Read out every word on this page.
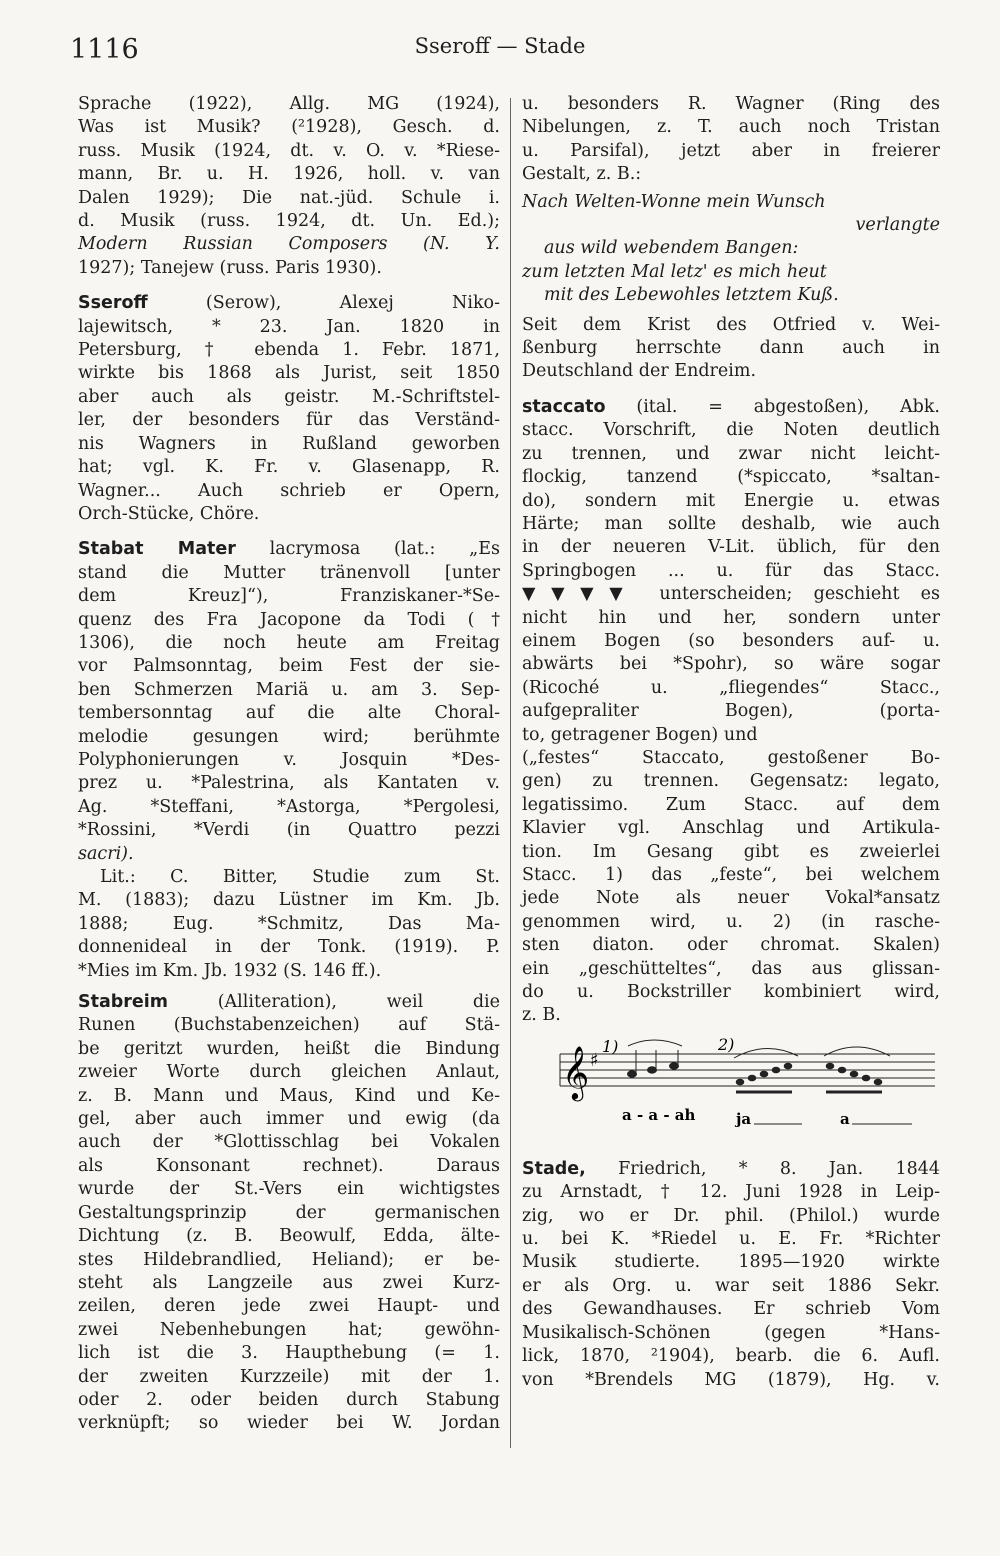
1116	Sseroff — Stade
Sprache (1922), Allg. MG (1924),
Was ist Musik? (²1928), Gesch. d.
russ. Musik (1924, dt. v. O. v. *Riese-
mann, Br. u. H. 1926, holl. v. van
Dalen 1929); Die nat.-jüd. Schule i.
d. Musik (russ. 1924, dt. Un. Ed.);
Modern Russian Composers (N. Y.
1927); Tanejew (russ. Paris 1930).
Sseroff (Serow), Alexej Niko-
lajewitsch, * 23. Jan. 1820 in
Petersburg, † ebenda 1. Febr. 1871,
wirkte bis 1868 als Jurist, seit 1850
aber auch als geistr. M.-Schriftstel-
ler, der besonders für das Verständ-
nis Wagners in Rußland geworben
hat; vgl. K. Fr. v. Glasenapp, R.
Wagner... Auch schrieb er Opern,
Orch-Stücke, Chöre.
Stabat Mater lacrymosa (lat.: „Es
stand die Mutter tränenvoll [unter
dem Kreuz]“), Franziskaner-*Se-
quenz des Fra Jacopone da Todi (†
1306), die noch heute am Freitag
vor Palmsonntag, beim Fest der sie-
ben Schmerzen Mariä u. am 3. Sep-
tembersonntag auf die alte Choral-
melodie gesungen wird; berühmte
Polyphonierungen v. Josquin *Des-
prez u. *Palestrina, als Kantaten v.
Ag. *Steffani, *Astorga, *Pergolesi,
*Rossini, *Verdi (in Quattro pezzi
sacri).
Lit.: C. Bitter, Studie zum St.
M. (1883); dazu Lüstner im Km. Jb.
1888; Eug. *Schmitz, Das Ma-
donnenideal in der Tonk. (1919). P.
*Mies im Km. Jb. 1932 (S. 146 ff.).
Stabreim (Alliteration), weil die
Runen (Buchstabenzeichen) auf Stä-
be geritzt wurden, heißt die Bindung
zweier Worte durch gleichen Anlaut,
z. B. Mann und Maus, Kind und Ke-
gel, aber auch immer und ewig (da
auch der *Glottisschlag bei Vokalen
als Konsonant rechnet). Daraus
wurde der St.-Vers ein wichtigstes
Gestaltungsprinzip der germanischen
Dichtung (z. B. Beowulf, Edda, älte-
stes Hildebrandlied, Heliand); er be-
steht als Langzeile aus zwei Kurz-
zeilen, deren jede zwei Haupt- und
zwei Nebenhebungen hat; gewöhn-
lich ist die 3. Haupthebung (= 1.
der zweiten Kurzzeile) mit der 1.
oder 2. oder beiden durch Stabung
verknüpft; so wieder bei W. Jordan
u. besonders R. Wagner (Ring des
Nibelungen, z. T. auch noch Tristan
u. Parsifal), jetzt aber in freierer
Gestalt, z. B.:
Nach Welten-Wonne mein Wunsch
verlangte
aus wild webendem Bangen:
zum letzten Mal letz' es mich heut
mit des Lebewohles letztem Kuß.
Seit dem Krist des Otfried v. Wei-
ßenburg herrschte dann auch in
Deutschland der Endreim.
staccato (ital. = abgestoßen), Abk.
stacc. Vorschrift, die Noten deutlich
zu trennen, und zwar nicht leicht-
flockig, tanzend (*spiccato, *saltan-
do), sondern mit Energie u. etwas
Härte; man sollte deshalb, wie auch
in der neueren V-Lit. üblich, für den
Springbogen ... u. für das Stacc.
▼▼▼▼ unterscheiden; geschieht es
nicht hin und her, sondern unter
einem Bogen (so besonders auf- u.
abwärts bei *Spohr), so wäre sogar
(Ricoché u. „fliegendes“ Stacc.,
aufgepraliter Bogen), (porta-
to, getragener Bogen) und
(„festes“ Staccato, gestoßener Bo-
gen) zu trennen. Gegensatz: legato,
legatissimo. Zum Stacc. auf dem
Klavier vgl. Anschlag und Artikula-
tion. Im Gesang gibt es zweierlei
Stacc. 1) das „feste“, bei welchem
jede Note als neuer Vokal*ansatz
genommen wird, u. 2) (in rasche-
sten diaton. oder chromat. Skalen)
ein „geschütteltes“, das aus glissan-
do u. Bockstriller kombiniert wird,
z. B.
𝄞 ♯
1)	2)
a - a - ah	ja	a
Stade, Friedrich, * 8. Jan. 1844
zu Arnstadt, † 12. Juni 1928 in Leip-
zig, wo er Dr. phil. (Philol.) wurde
u. bei K. *Riedel u. E. Fr. *Richter
Musik studierte. 1895—1920 wirkte
er als Org. u. war seit 1886 Sekr.
des Gewandhauses. Er schrieb Vom
Musikalisch-Schönen (gegen *Hans-
lick, 1870, ²1904), bearb. die 6. Aufl.
von *Brendels MG (1879), Hg. v.
